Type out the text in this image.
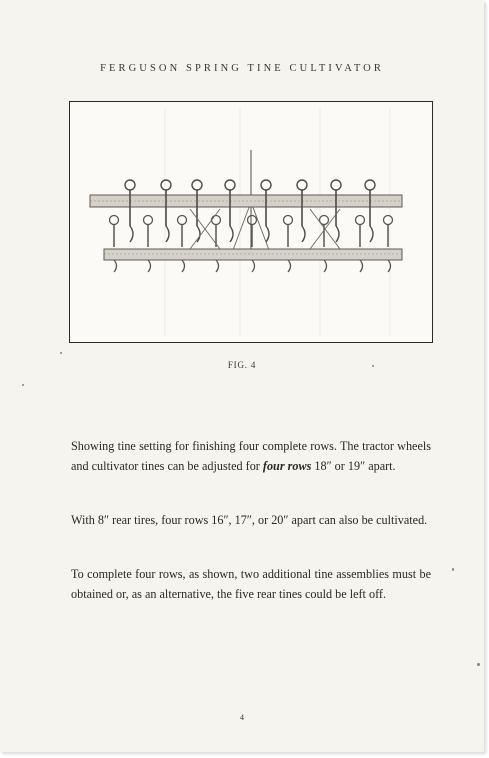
FERGUSON SPRING TINE CULTIVATOR
FIG. 4

Showing tine setting for finishing four complete rows. The tractor wheels and cultivator tines can be adjusted for four rows 18″ or 19″ apart.

With 8″ rear tires, four rows 16″, 17″, or 20″ apart can also be cultivated.

To complete four rows, as shown, two additional tine assemblies must be obtained or, as an alternative, the five rear tines could be left off.

4
